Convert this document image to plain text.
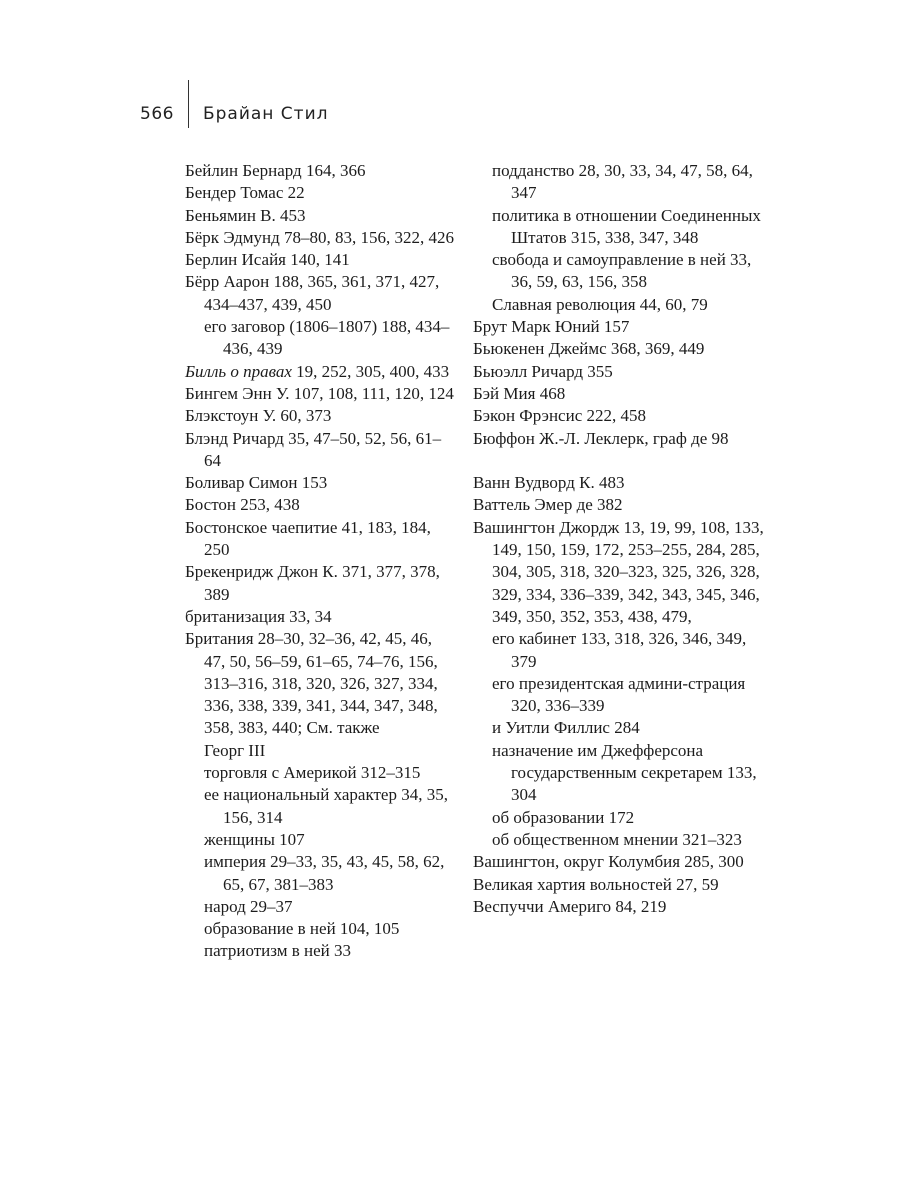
566 Брайан Стил

Бейлин Бернард 164, 366

Бендер Томас 22

Беньямин В. 453

Бёрк Эдмунд 78–80, 83, 156, 322, 426

Берлин Исайя 140, 141

Бёрр Аарон 188, 365, 361, 371, 427, 434–437, 439, 450

его заговор (1806–1807) 188, 434–436, 439

Билль о правах 19, 252, 305, 400, 433

Бингем Энн У. 107, 108, 111, 120, 124

Блэкстоун У. 60, 373

Блэнд Ричард 35, 47–50, 52, 56, 61–64

Боливар Симон 153

Бостон 253, 438

Бостонское чаепитие 41, 183, 184, 250

Брекенридж Джон К. 371, 377, 378, 389

британизация 33, 34

Британия 28–30, 32–36, 42, 45, 46, 47, 50, 56–59, 61–65, 74–76, 156, 313–316, 318, 320, 326, 327, 334, 336, 338, 339, 341, 344, 347, 348, 358, 383, 440; См. также

Георг III

торговля с Америкой 312–315

ее национальный характер 34, 35, 156, 314

женщины 107

империя 29–33, 35, 43, 45, 58, 62, 65, 67, 381–383

народ 29–37

образование в ней 104, 105

патриотизм в ней 33

подданство 28, 30, 33, 34, 47, 58, 64, 347

политика в отношении Соединенных Штатов 315, 338, 347, 348

свобода и самоуправление в ней 33, 36, 59, 63, 156, 358

Славная революция 44, 60, 79

Брут Марк Юний 157

Бьюкенен Джеймс 368, 369, 449

Бьюэлл Ричард 355

Бэй Мия 468

Бэкон Фрэнсис 222, 458

Бюффон Ж.-Л. Леклерк, граф де 98

Ванн Вудворд К. 483

Ваттель Эмер де 382

Вашингтон Джордж 13, 19, 99, 108, 133, 149, 150, 159, 172, 253–255, 284, 285, 304, 305, 318, 320–323, 325, 326, 328, 329, 334, 336–339, 342, 343, 345, 346, 349, 350, 352, 353, 438, 479,

его кабинет 133, 318, 326, 346, 349, 379

его президентская админи-страция 320, 336–339

и Уитли Филлис 284

назначение им Джефферсона государственным секретарем 133, 304

об образовании 172

об общественном мнении 321–323

Вашингтон, округ Колумбия 285, 300

Великая хартия вольностей 27, 59

Веспуччи Америго 84, 219
